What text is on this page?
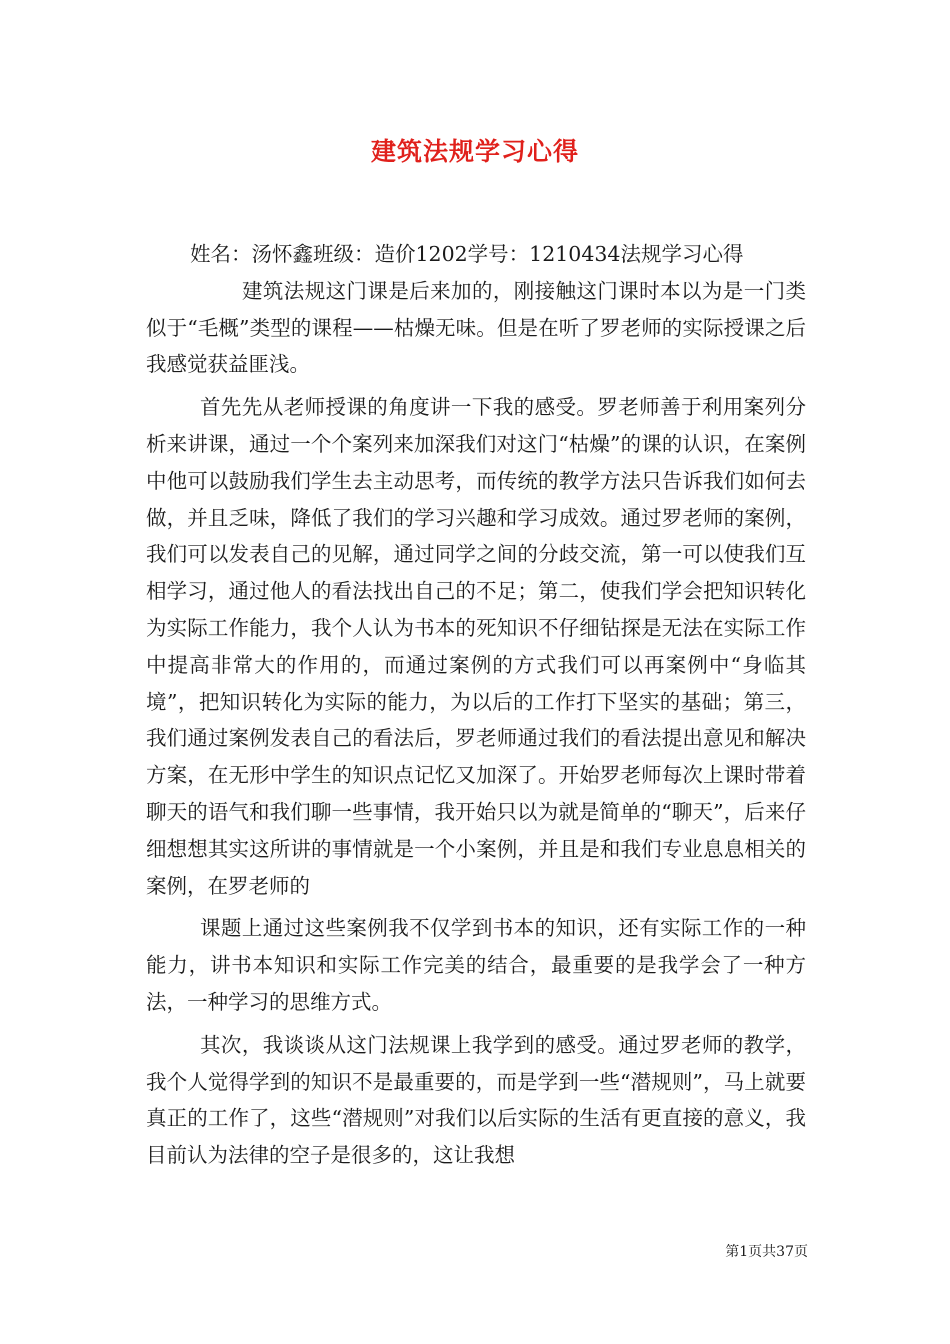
建筑法规学习心得

姓名：汤怀鑫班级：造价1202学号：1210434法规学习心得

建筑法规这门课是后来加的，刚接触这门课时本以为是一门类似于“毛概”类型的课程——枯燥无味。但是在听了罗老师的实际授课之后我感觉获益匪浅。

首先先从老师授课的角度讲一下我的感受。罗老师善于利用案列分析来讲课，通过一个个案列来加深我们对这门“枯燥”的课的认识，在案例中他可以鼓励我们学生去主动思考，而传统的教学方法只告诉我们如何去做，并且乏味，降低了我们的学习兴趣和学习成效。通过罗老师的案例，我们可以发表自己的见解，通过同学之间的分歧交流，第一可以使我们互相学习，通过他人的看法找出自己的不足；第二，使我们学会把知识转化为实际工作能力，我个人认为书本的死知识不仔细钻探是无法在实际工作中提高非常大的作用的，而通过案例的方式我们可以再案例中“身临其境”，把知识转化为实际的能力，为以后的工作打下坚实的基础；第三，我们通过案例发表自己的看法后，罗老师通过我们的看法提出意见和解决方案，在无形中学生的知识点记忆又加深了。开始罗老师每次上课时带着聊天的语气和我们聊一些事情，我开始只以为就是简单的“聊天”，后来仔细想想其实这所讲的事情就是一个小案例，并且是和我们专业息息相关的案例，在罗老师的

课题上通过这些案例我不仅学到书本的知识，还有实际工作的一种能力，讲书本知识和实际工作完美的结合，最重要的是我学会了一种方法，一种学习的思维方式。

其次，我谈谈从这门法规课上我学到的感受。通过罗老师的教学，我个人觉得学到的知识不是最重要的，而是学到一些“潜规则”，马上就要真正的工作了，这些“潜规则”对我们以后实际的生活有更直接的意义，我目前认为法律的空子是很多的，这让我想

第1页共37页
